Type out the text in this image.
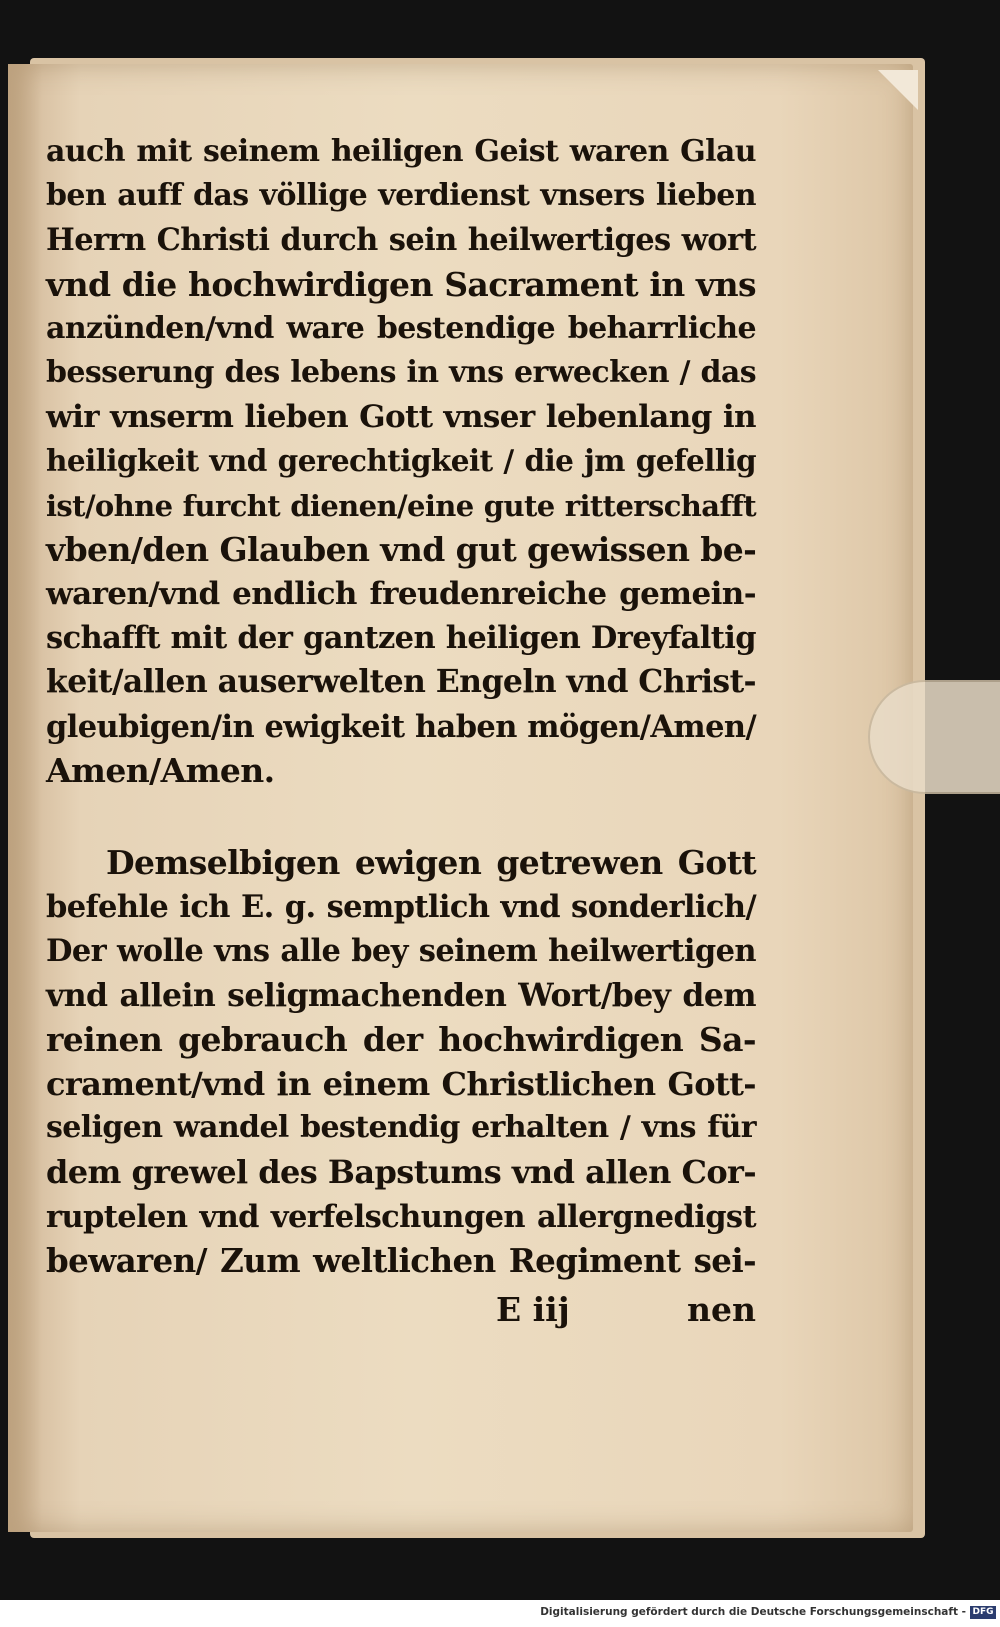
auch mit seinem heiligen Geist waren Glau
ben auff das völlige verdienst vnsers lieben
Herrn Christi durch sein heilwertiges wort
vnd die hochwirdigen Sacrament in vns
anzünden/vnd ware bestendige beharrliche
besserung des lebens in vns erwecken / das
wir vnserm lieben Gott vnser lebenlang in
heiligkeit vnd gerechtigkeit / die jm gefellig
ist/ohne furcht dienen/eine gute ritterschafft
vben/den Glauben vnd gut gewissen be-
waren/vnd endlich freudenreiche gemein-
schafft mit der gantzen heiligen Dreyfaltig
keit/allen auserwelten Engeln vnd Christ-
gleubigen/in ewigkeit haben mögen/Amen/
Amen/Amen.
Demselbigen ewigen getrewen Gott
befehle ich E. g. semptlich vnd sonderlich/
Der wolle vns alle bey seinem heilwertigen
vnd allein seligmachenden Wort/bey dem
reinen gebrauch der hochwirdigen Sa-
crament/vnd in einem Christlichen Gott-
seligen wandel bestendig erhalten / vns für
dem grewel des Bapstums vnd allen Cor-
ruptelen vnd verfelschungen allergnedigst
bewaren/ Zum weltlichen Regiment sei-
E iij	nen
Digitalisierung gefördert durch die Deutsche Forschungsgemeinschaft - DFG
